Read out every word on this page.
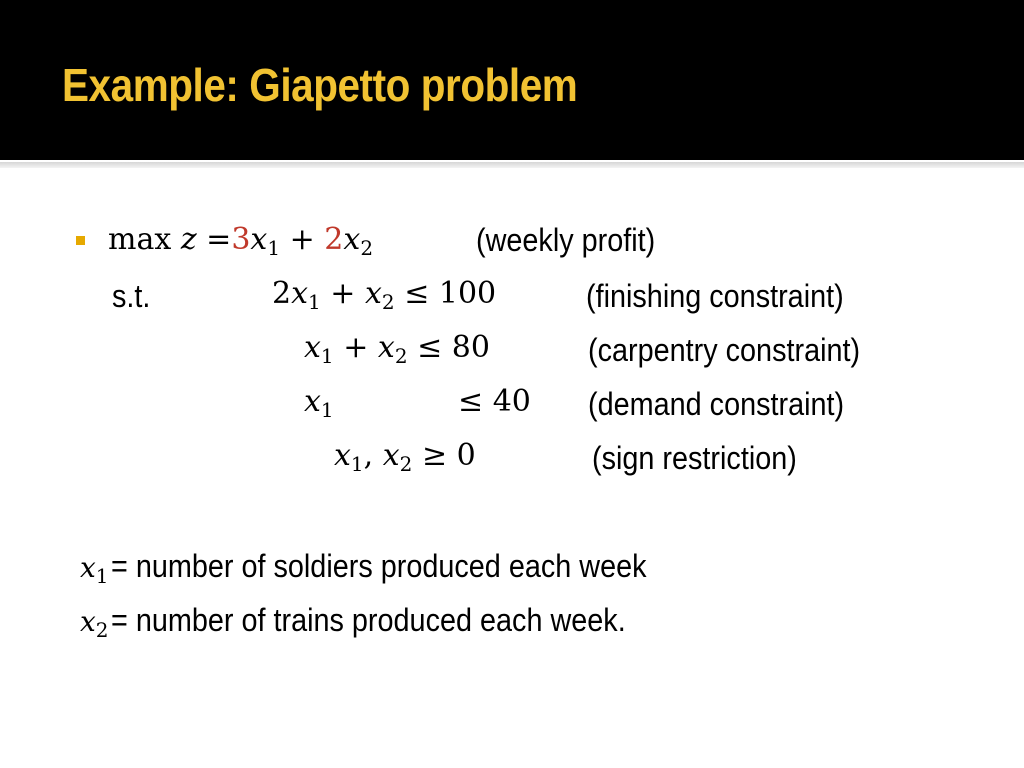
Example: Giapetto problem
$\max z =3x_1 + 2x_2$	(weekly profit)
s.t.	$2x_1 + x_2 \le 100$	(finishing constraint)
$x_1 + x_2 \le 80$	(carpentry constraint)
$x_1$	≤ 40 (demand constraint)
$x_1$, $x_2 \ge 0$	(sign restriction)
$x_1=$ number of soldiers produced each week
$x_2=$ number of trains produced each week.
